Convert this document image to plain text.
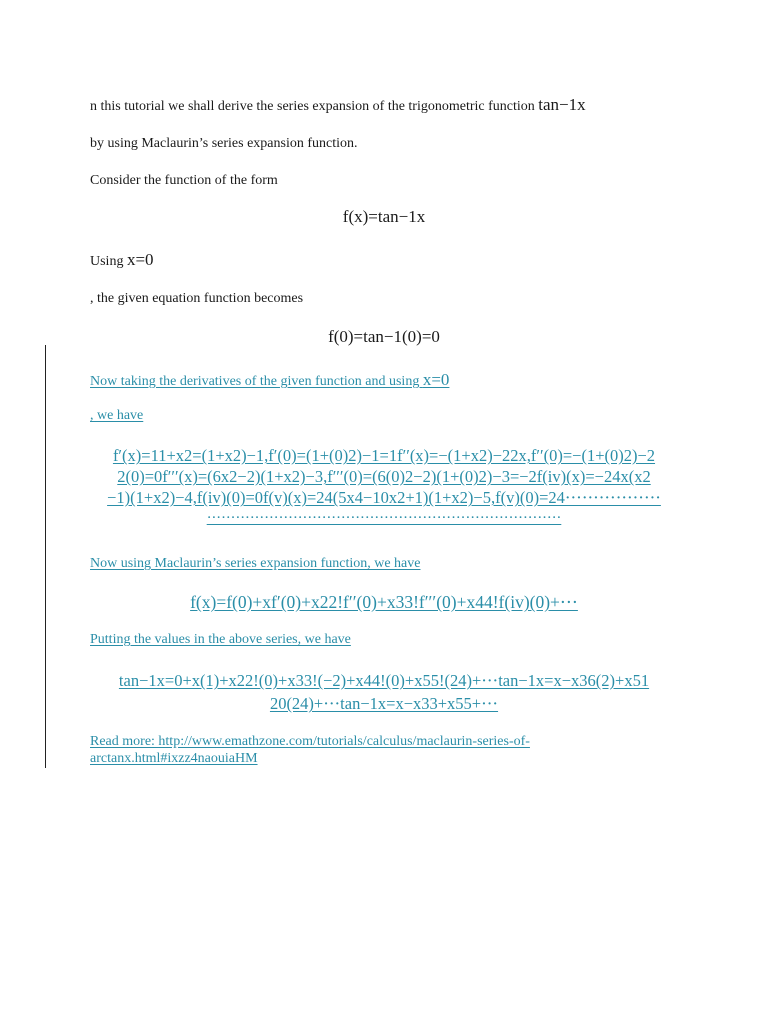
n this tutorial we shall derive the series expansion of the trigonometric function tan−1x
by using Maclaurin’s series expansion function.
Consider the function of the form
f(x)=tan−1x
Using x=0
, the given equation function becomes
f(0)=tan−1(0)=0
Now taking the derivatives of the given function and using x=0
, we have
f′(x)=11+x2=(1+x2)−1,f′(0)=(1+(0)2)−1=1f′′(x)=−(1+x2)−22x,f′′(0)=−(1+(0)2)−2
2(0)=0f′′′(x)=(6x2−2)(1+x2)−3,f′′′(0)=(6(0)2−2)(1+(0)2)−3=−2f(iv)(x)=−24x(x2
−1)(1+x2)−4,f(iv)(0)=0f(v)(x)=24(5x4−10x2+1)(1+x2)−5,f(v)(0)=24⋅⋅⋅⋅⋅⋅⋅⋅⋅⋅⋅⋅⋅⋅⋅⋅⋅
⋅⋅⋅⋅⋅⋅⋅⋅⋅⋅⋅⋅⋅⋅⋅⋅⋅⋅⋅⋅⋅⋅⋅⋅⋅⋅⋅⋅⋅⋅⋅⋅⋅⋅⋅⋅⋅⋅⋅⋅⋅⋅⋅⋅⋅⋅⋅⋅⋅⋅⋅⋅⋅⋅⋅⋅⋅⋅⋅⋅⋅⋅⋅⋅⋅⋅⋅⋅⋅⋅⋅⋅⋅⋅
Now using Maclaurin’s series expansion function, we have
f(x)=f(0)+xf′(0)+x22!f′′(0)+x33!f′′′(0)+x44!f(iv)(0)+⋅⋅⋅
Putting the values in the above series, we have
tan−1x=0+x(1)+x22!(0)+x33!(−2)+x44!(0)+x55!(24)+⋅⋅⋅tan−1x=x−x36(2)+x51
20(24)+⋅⋅⋅tan−1x=x−x33+x55+⋅⋅⋅
Read more: http://www.emathzone.com/tutorials/calculus/maclaurin-series-of-
arctanx.html#ixzz4naouiaHM
